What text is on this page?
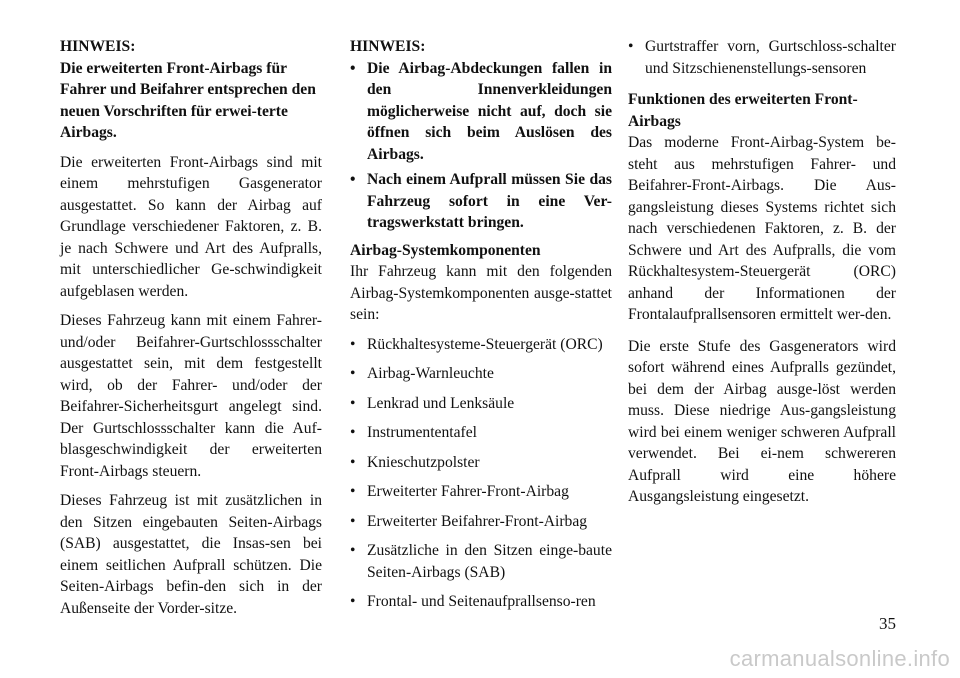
HINWEIS:

Die erweiterten Front-Airbags für Fahrer und Beifahrer entsprechen den neuen Vorschriften für erwei-terte Airbags.

Die erweiterten Front-Airbags sind mit einem mehrstufigen Gasgenerator ausgestattet. So kann der Airbag auf Grundlage verschiedener Faktoren, z. B. je nach Schwere und Art des Aufpralls, mit unterschiedlicher Ge-schwindigkeit aufgeblasen werden.

Dieses Fahrzeug kann mit einem Fahrer- und/oder Beifahrer-Gurtschlossschalter ausgestattet sein, mit dem festgestellt wird, ob der Fahrer- und/oder der Beifahrer-Sicherheitsgurt angelegt sind. Der Gurtschlossschalter kann die Auf-blasgeschwindigkeit der erweiterten Front-Airbags steuern.

Dieses Fahrzeug ist mit zusätzlichen in den Sitzen eingebauten Seiten-Airbags (SAB) ausgestattet, die Insas-sen bei einem seitlichen Aufprall schützen. Die Seiten-Airbags befin-den sich in der Außenseite der Vorder-sitze.

HINWEIS:

• Die Airbag-Abdeckungen fallen in den Innenverkleidungen möglicherweise nicht auf, doch sie öffnen sich beim Auslösen des Airbags.
• Nach einem Aufprall müssen Sie das Fahrzeug sofort in eine Ver-tragswerkstatt bringen.

Airbag-Systemkomponenten

Ihr Fahrzeug kann mit den folgenden Airbag-Systemkomponenten ausge-stattet sein:

• Rückhaltesysteme-Steuergerät (ORC)
• Airbag-Warnleuchte
• Lenkrad und Lenksäule
• Instrumententafel
• Knieschutzpolster
• Erweiterter Fahrer-Front-Airbag
• Erweiterter Beifahrer-Front-Airbag
• Zusätzliche in den Sitzen einge-baute Seiten-Airbags (SAB)
• Frontal- und Seitenaufprallsenso-ren
• Gurtstraffer vorn, Gurtschloss-schalter und Sitzschienenstellungs-sensoren

Funktionen des erweiterten Front-Airbags

Das moderne Front-Airbag-System be-steht aus mehrstufigen Fahrer- und Beifahrer-Front-Airbags. Die Aus-gangsleistung dieses Systems richtet sich nach verschiedenen Faktoren, z. B. der Schwere und Art des Aufpralls, die vom Rückhaltesystem-Steuergerät (ORC) anhand der Informationen der Frontalaufprallsensoren ermittelt wer-den.

Die erste Stufe des Gasgenerators wird sofort während eines Aufpralls gezündet, bei dem der Airbag ausge-löst werden muss. Diese niedrige Aus-gangsleistung wird bei einem weniger schweren Aufprall verwendet. Bei ei-nem schwereren Aufprall wird eine höhere Ausgangsleistung eingesetzt.

35
carmanualsonline.info
